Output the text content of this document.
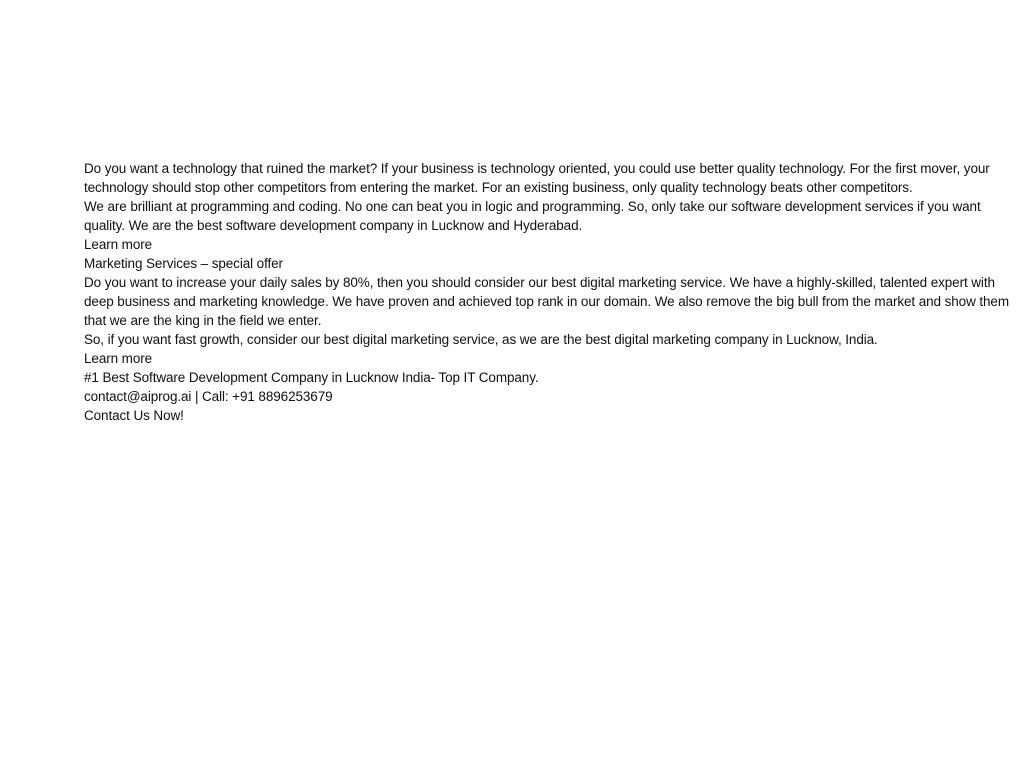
Do you want a technology that ruined the market? If your business is technology oriented, you could use better quality technology. For the first mover, your technology should stop other competitors from entering the market. For an existing business, only quality technology beats other competitors.

We are brilliant at programming and coding. No one can beat you in logic and programming. So, only take our software development services if you want quality. We are the best software development company in Lucknow and Hyderabad.

Learn more

Marketing Services – special offer

Do you want to increase your daily sales by 80%, then you should consider our best digital marketing service. We have a highly-skilled, talented expert with deep business and marketing knowledge. We have proven and achieved top rank in our domain. We also remove the big bull from the market and show them that we are the king in the field we enter.

So, if you want fast growth, consider our best digital marketing service, as we are the best digital marketing company in Lucknow, India.

Learn more

#1 Best Software Development Company in Lucknow India- Top IT Company.

contact@aiprog.ai | Call: +91 8896253679

Contact Us Now!
